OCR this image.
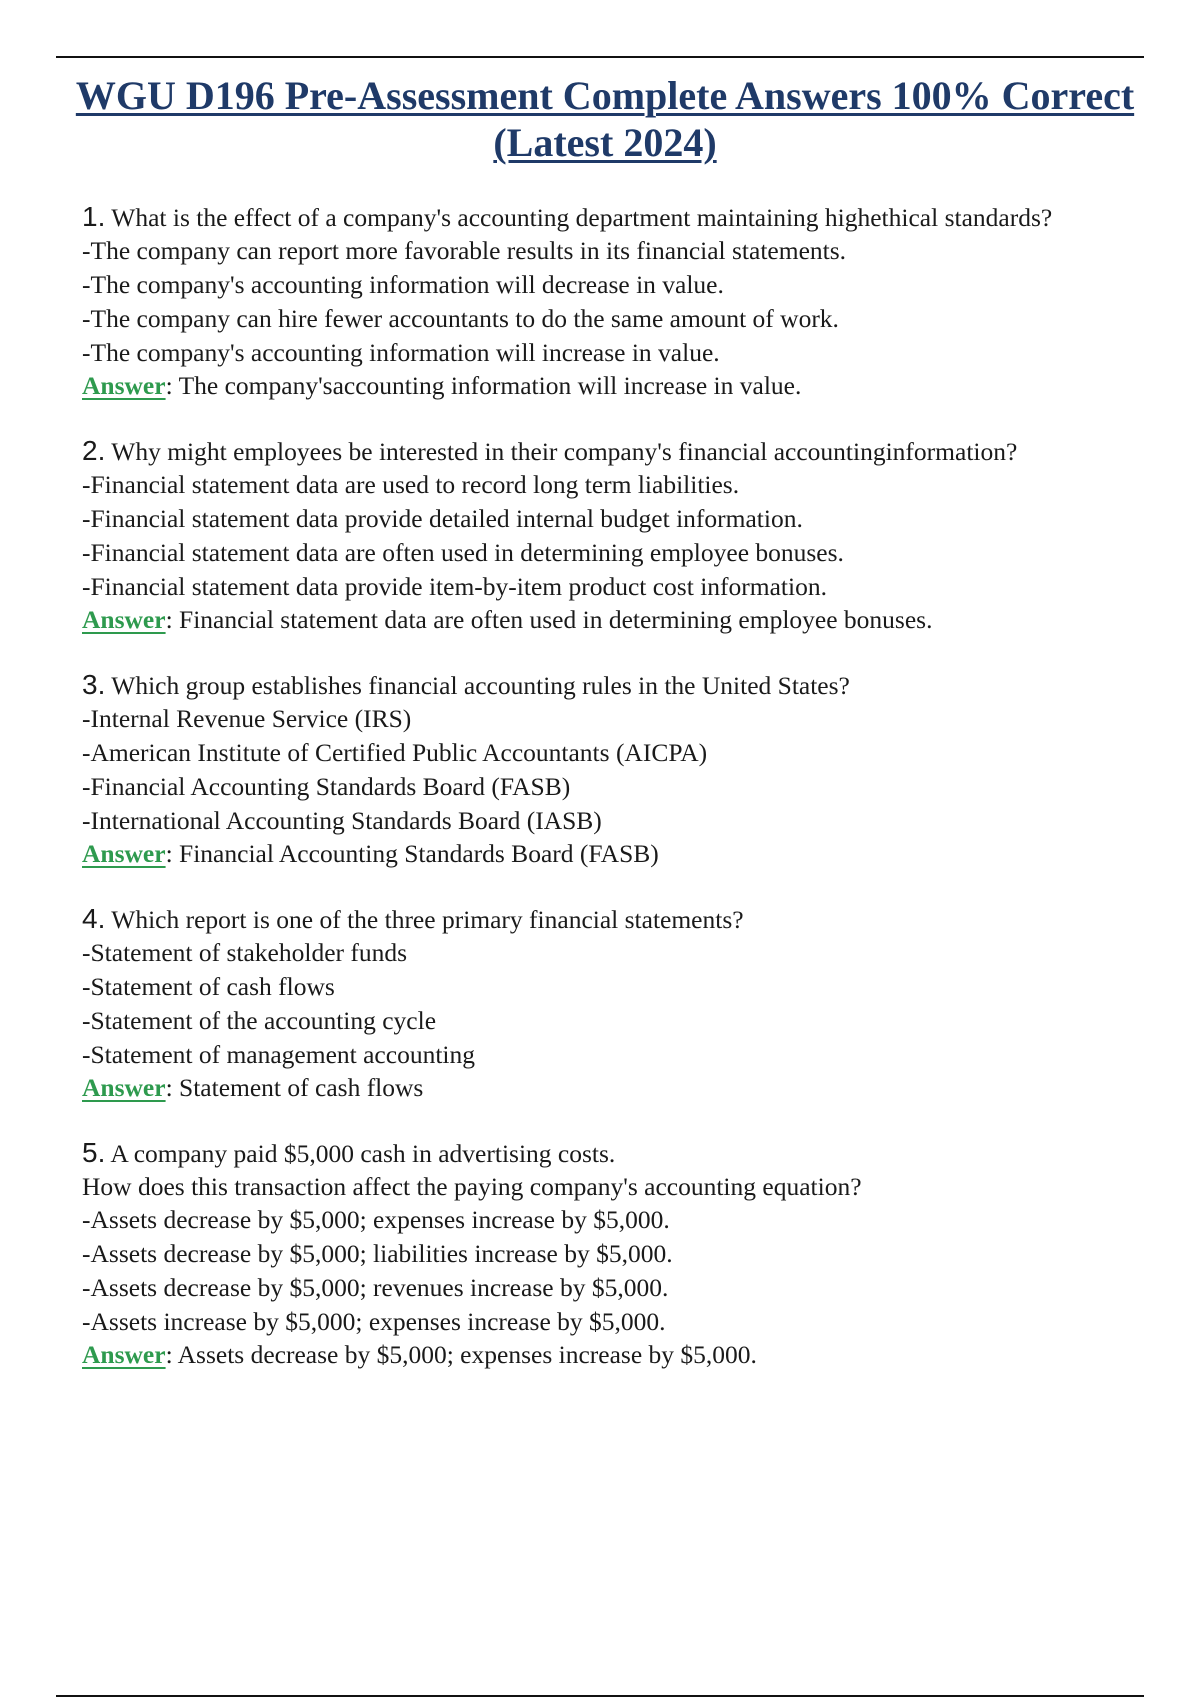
WGU D196 Pre-Assessment Complete Answers 100% Correct
(Latest 2024)
1. What is the effect of a company's accounting department maintaining highethical standards?
-The company can report more favorable results in its financial statements.
-The company's accounting information will decrease in value.
-The company can hire fewer accountants to do the same amount of work.
-The company's accounting information will increase in value.
Answer: The company'saccounting information will increase in value.
2. Why might employees be interested in their company's financial accountinginformation?
-Financial statement data are used to record long term liabilities.
-Financial statement data provide detailed internal budget information.
-Financial statement data are often used in determining employee bonuses.
-Financial statement data provide item-by-item product cost information.
Answer: Financial statement data are often used in determining employee bonuses.
3. Which group establishes financial accounting rules in the United States?
-Internal Revenue Service (IRS)
-American Institute of Certified Public Accountants (AICPA)
-Financial Accounting Standards Board (FASB)
-International Accounting Standards Board (IASB)
Answer: Financial Accounting Standards Board (FASB)
4. Which report is one of the three primary financial statements?
-Statement of stakeholder funds
-Statement of cash flows
-Statement of the accounting cycle
-Statement of management accounting
Answer: Statement of cash flows
5. A company paid $5,000 cash in advertising costs.
How does this transaction affect the paying company's accounting equation?
-Assets decrease by $5,000; expenses increase by $5,000.
-Assets decrease by $5,000; liabilities increase by $5,000.
-Assets decrease by $5,000; revenues increase by $5,000.
-Assets increase by $5,000; expenses increase by $5,000.
Answer: Assets decrease by $5,000; expenses increase by $5,000.
